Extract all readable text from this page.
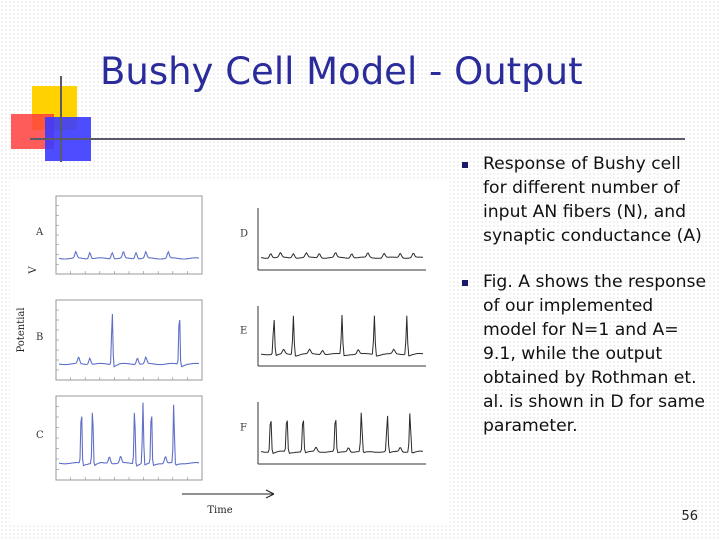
Bushy Cell Model - Output
Response of Bushy cell for different number of input AN fibers (N), and synaptic conductance (A)
Fig. A shows the response of our implemented model for N=1 and A= 9.1, while the output obtained by Rothman et. al. is shown in D for same parameter.
A
B
C
D
E
F
Potential
V
Time	56
